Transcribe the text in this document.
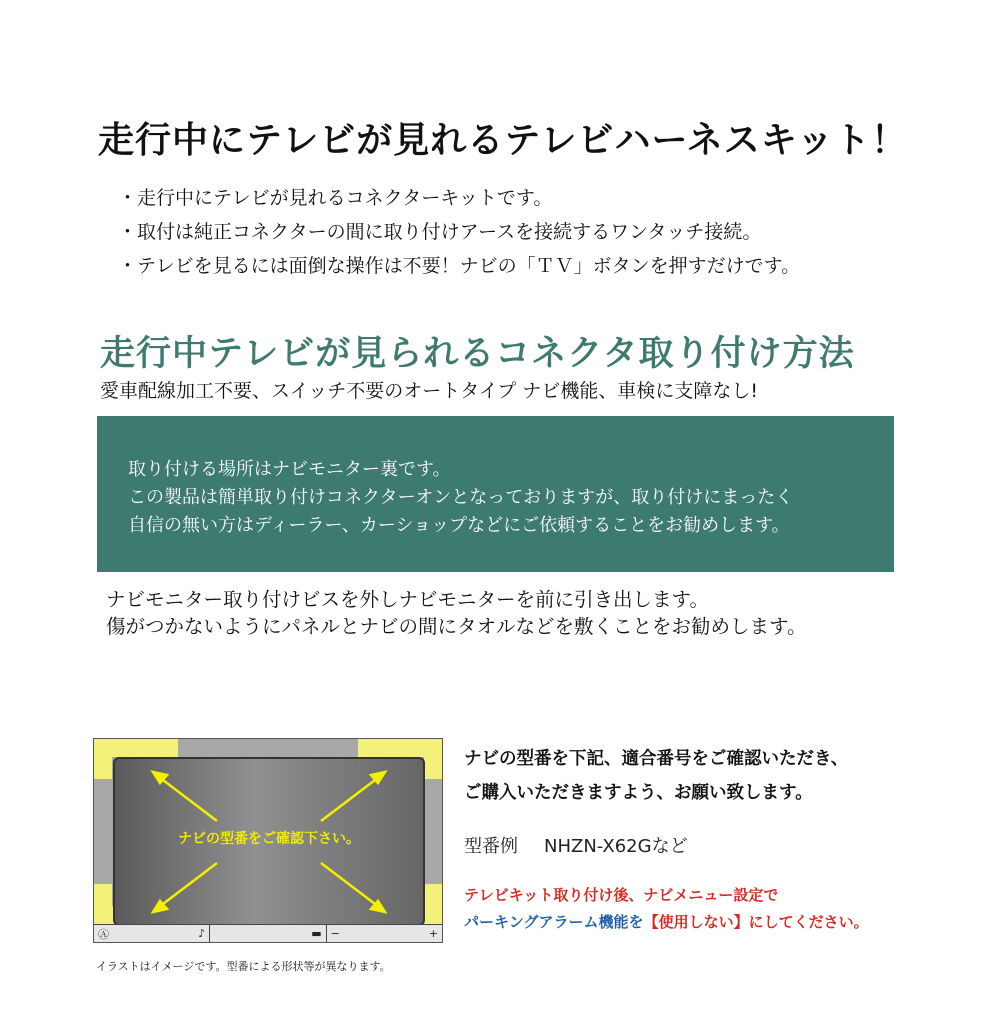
走行中にテレビが見れるテレビハーネスキット！
・走行中にテレビが見れるコネクターキットです。
・取付は純正コネクターの間に取り付けアースを接続するワンタッチ接続。
・テレビを見るには面倒な操作は不要！ナビの「ＴＶ」ボタンを押すだけです。
走行中テレビが見られるコネクタ取り付け方法
愛車配線加工不要、スイッチ不要のオートタイプ ナビ機能、車検に支障なし!
取り付ける場所はナビモニター裏です。
この製品は簡単取り付けコネクターオンとなっておりますが、取り付けにまったく
自信の無い方はディーラー、カーショップなどにご依頼することをお勧めします。
ナビモニター取り付けビスを外しナビモニターを前に引き出します。
傷がつかないようにパネルとナビの間にタオルなどを敷くことをお勧めします。
ナビの型番をご確認下さい。
Ⓐ	♪	▬ −	+
イラストはイメージです。型番による形状等が異なります。
ナビの型番を下記、適合番号をご確認いただき、
ご購入いただきますよう、お願い致します。
型番例 NHZN-X62Gなど
テレビキット取り付け後、ナビメニュー設定で
パーキングアラーム機能を【使用しない】にしてください。
